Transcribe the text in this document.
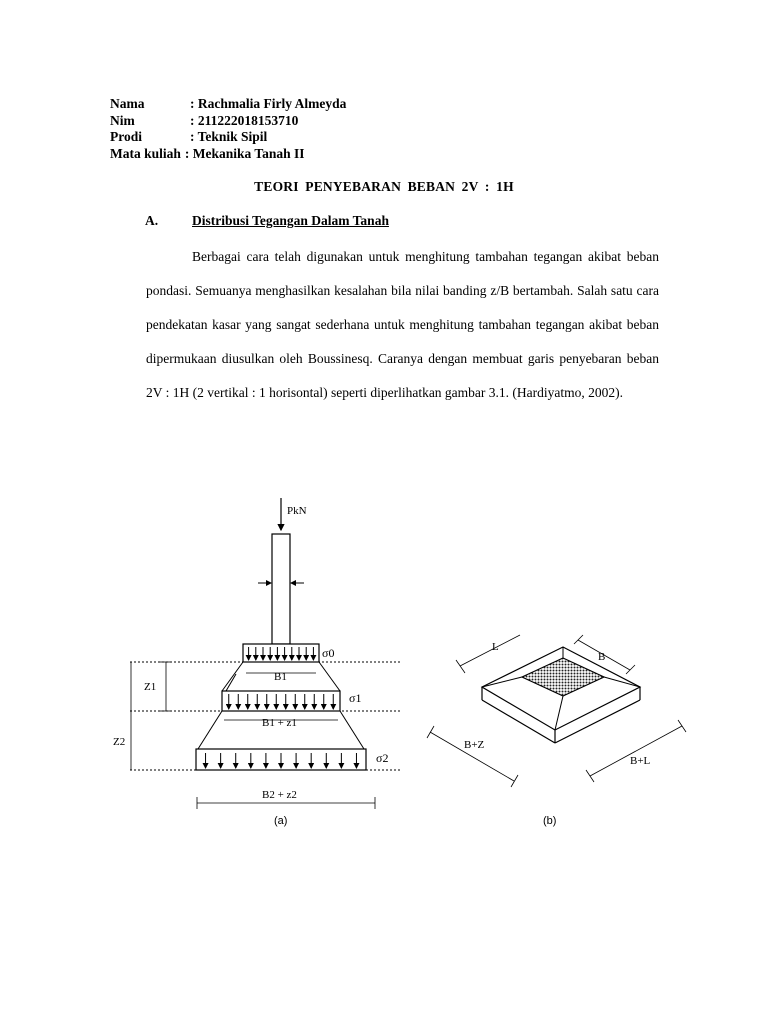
Nama	: Rachmalia Firly Almeyda
Nim	: 211222018153710
Prodi	: Teknik Sipil
Mata kuliah : Mekanika Tanah II
TEORI PENYEBARAN BEBAN 2V : 1H
A.	Distribusi Tegangan Dalam Tanah
Berbagai cara telah digunakan untuk menghitung tambahan tegangan akibat beban pondasi. Semuanya menghasilkan kesalahan bila nilai banding z/B bertambah. Salah satu cara pendekatan kasar yang sangat sederhana untuk menghitung tambahan tegangan akibat beban dipermukaan diusulkan oleh Boussinesq. Caranya dengan membuat garis penyebaran beban 2V : 1H (2 vertikal : 1 horisontal) seperti diperlihatkan gambar 3.1. (Hardiyatmo, 2002).
PkN
σ0
B1
σ1
B1 + z1
σ2
Z1
Z2
B2 + z2
L
B
B+Z
B+L
(a)	(b)
